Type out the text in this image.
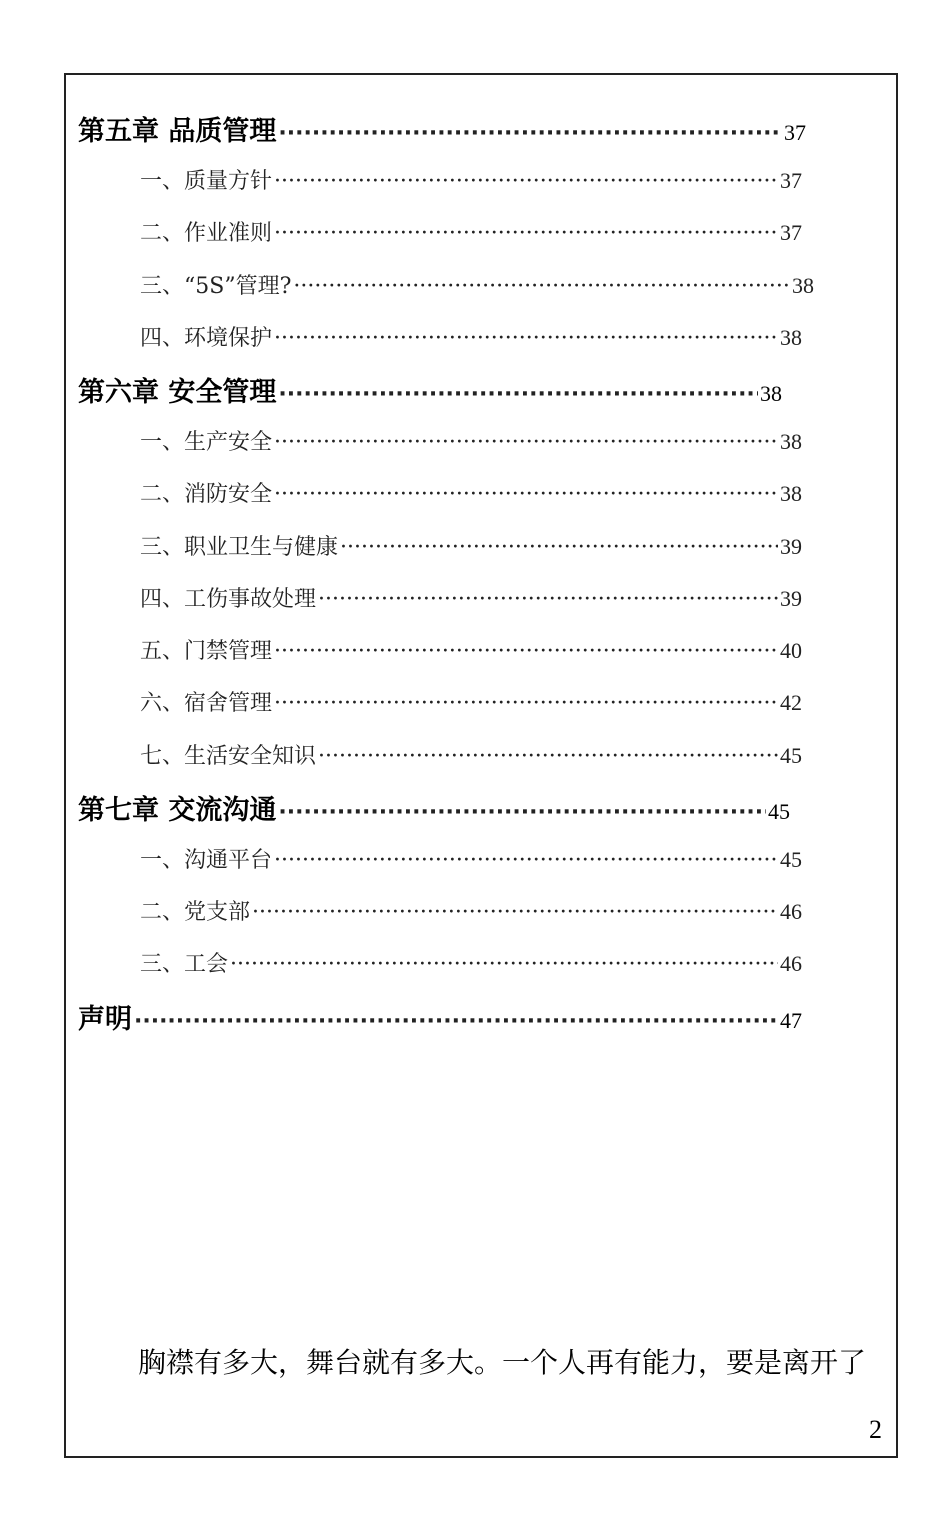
第五章 品质管理 ·····	37
一、质量方针 ·····	37
二、作业准则 ·····	37
三、“5S”管理? ·····	38
四、环境保护 ·····	38
第六章 安全管理 ·····	38
一、生产安全 ·····	38
二、消防安全 ·····	38
三、职业卫生与健康 ·····	39
四、工伤事故处理 ·····	39
五、门禁管理 ·····	40
六、宿舍管理 ·····	42
七、生活安全知识 ·····	45
第七章 交流沟通 ·····	45
一、沟通平台 ·····	45
二、党支部 ·····	46
三、工会 ·····	46
声明 ·····	47
胸襟有多大，舞台就有多大。一个人再有能力，要是离开了
2
